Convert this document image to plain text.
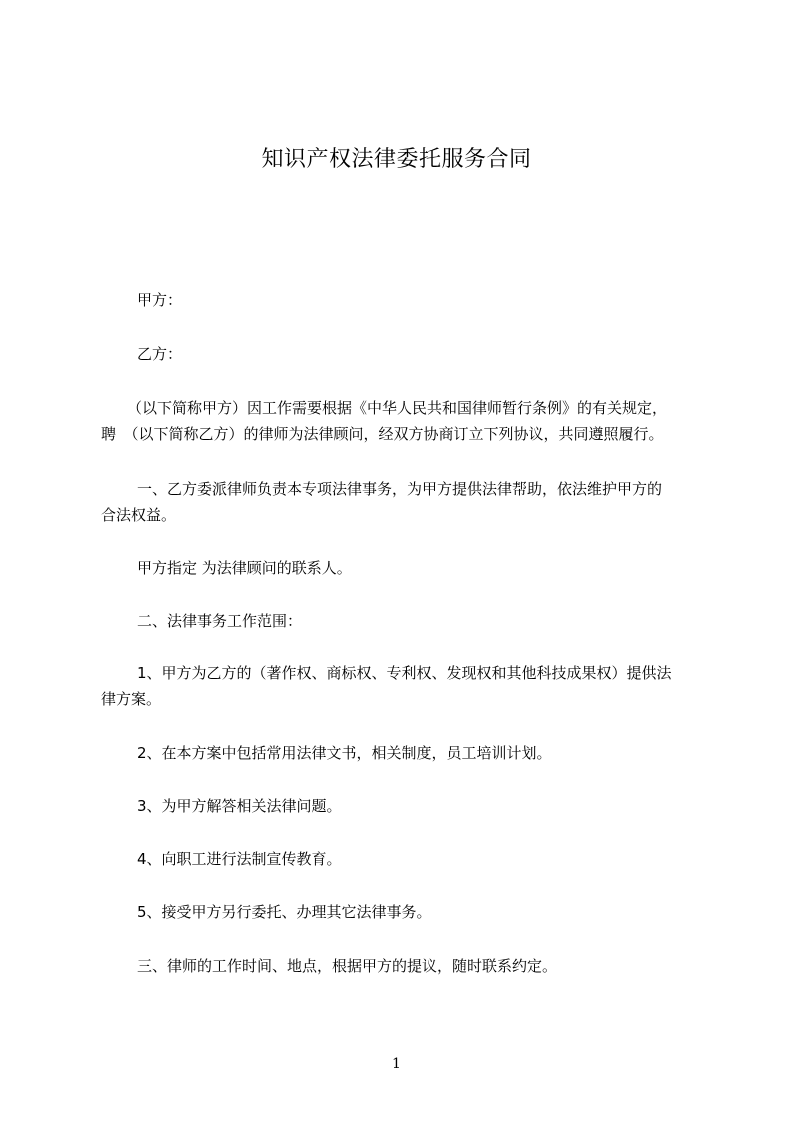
知识产权法律委托服务合同
甲方：
乙方：
（以下简称甲方）因工作需要根据《中华人民共和国律师暂行条例》的有关规定，
聘　（以下简称乙方）的律师为法律顾问，经双方协商订立下列协议，共同遵照履行。
一、乙方委派律师负责本专项法律事务，为甲方提供法律帮助，依法维护甲方的
合法权益。
甲方指定 为法律顾问的联系人。
二、法律事务工作范围：
1、甲方为乙方的（著作权、商标权、专利权、发现权和其他科技成果权）提供法
律方案。
2、在本方案中包括常用法律文书，相关制度，员工培训计划。
3、为甲方解答相关法律问题。
4、向职工进行法制宣传教育。
5、接受甲方另行委托、办理其它法律事务。
三、律师的工作时间、地点，根据甲方的提议，随时联系约定。
1
